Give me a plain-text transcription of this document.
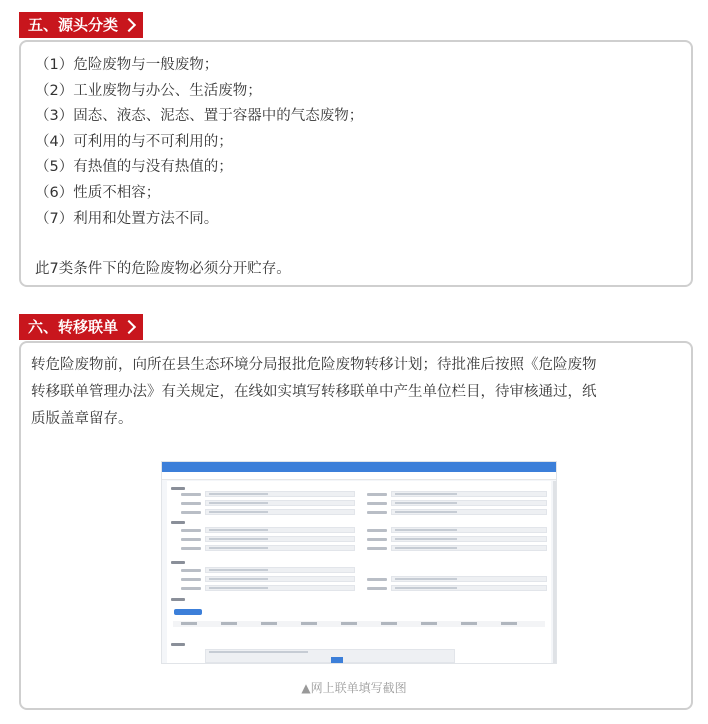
五、源头分类

（1）危险废物与一般废物；

（2）工业废物与办公、生活废物；

（3）固态、液态、泥态、置于容器中的气态废物；

（4）可利用的与不可利用的；

（5）有热值的与没有热值的；

（6）性质不相容；

（7）利用和处置方法不同。

此7类条件下的危险废物必须分开贮存。

六、转移联单

转危险废物前，向所在县生态环境分局报批危险废物转移计划；待批准后按照《危险废物

转移联单管理办法》有关规定，在线如实填写转移联单中产生单位栏目，待审核通过，纸

质版盖章留存。

▲网上联单填写截图
